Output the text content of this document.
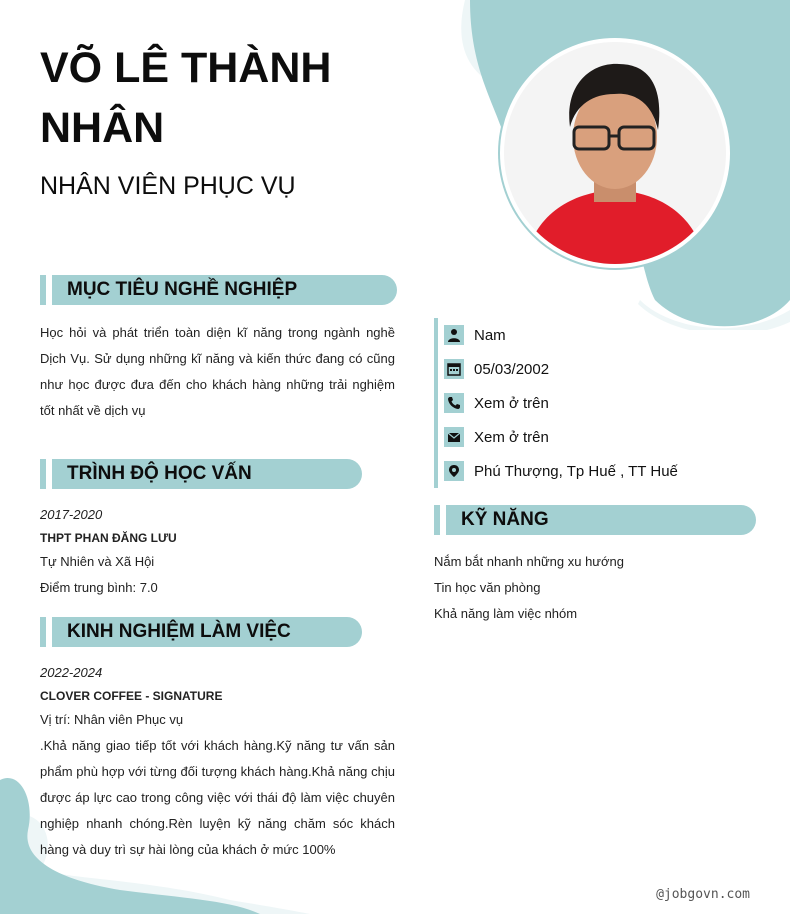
VÕ LÊ THÀNH NHÂN
NHÂN VIÊN PHỤC VỤ
MỤC TIÊU NGHỀ NGHIỆP
Học hỏi và phát triển toàn diện kĩ năng trong ngành nghề Dịch Vụ. Sử dụng những kĩ năng và kiến thức đang có cũng như học được đưa đến cho khách hàng những trải nghiệm tốt nhất về dịch vụ
TRÌNH ĐỘ HỌC VẤN
2017-2020
THPT PHAN ĐĂNG LƯU
Tự Nhiên và Xã Hội
Điểm trung bình: 7.0
KINH NGHIỆM LÀM VIỆC
2022-2024
CLOVER COFFEE - SIGNATURE
Vị trí: Nhân viên Phục vụ
.Khả năng giao tiếp tốt với khách hàng.Kỹ năng tư vấn sản phẩm phù hợp với từng đối tượng khách hàng.Khả năng chịu được áp lực cao trong công việc với thái độ làm việc chuyên nghiệp nhanh chóng.Rèn luyện kỹ năng chăm sóc khách hàng và duy trì sự hài lòng của khách ở mức 100%
Nam
05/03/2002
Xem ở trên
Xem ở trên
Phú Thượng, Tp Huế , TT Huế
KỸ NĂNG
Nắm bắt nhanh những xu hướng
Tin học văn phòng
Khả năng làm việc nhóm
@jobgovn.com
